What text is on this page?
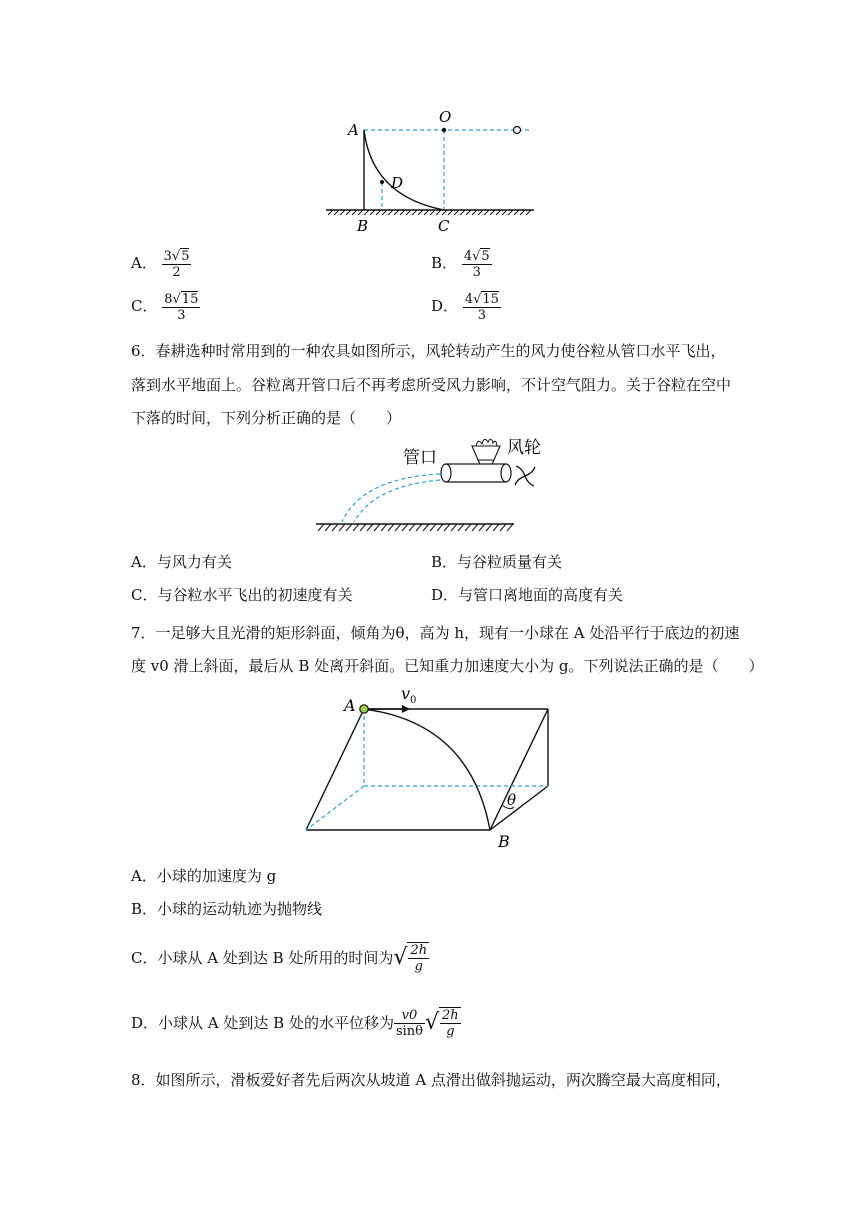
A
O
D
B	C
A． $\frac{3√5}{2}$	B． $\frac{4√5}{3}$
C． $\frac{8√15}{3}$	D． $\frac{4√15}{3}$
6．春耕选种时常用到的一种农具如图所示，风轮转动产生的风力使谷粒从管口水平飞出，
落到水平地面上。谷粒离开管口后不再考虑所受风力影响，不计空气阻力。关于谷粒在空中
下落的时间，下列分析正确的是（　　）
管口	风轮
A．与风力有关	B．与谷粒质量有关
C．与谷粒水平飞出的初速度有关	D．与管口离地面的高度有关
7．一足够大且光滑的矩形斜面，倾角为θ，高为 h，现有一小球在 A 处沿平行于底边的初速
度 v0 滑上斜面，最后从 B 处离开斜面。已知重力加速度大小为 g。下列说法正确的是（　　）
A
B
v 0
θ
A．小球的加速度为 g
B．小球的运动轨迹为抛物线
C．小球从 A 处到达 B 处所用的时间为√ $\frac{2h}{g}$
D．小球从 A 处到达 B 处的水平位移为 $\frac{v0}{\sin\theta}$ √ $\frac{2h}{g}$
8．如图所示，滑板爱好者先后两次从坡道 A 点滑出做斜抛运动，两次腾空最大高度相同，
